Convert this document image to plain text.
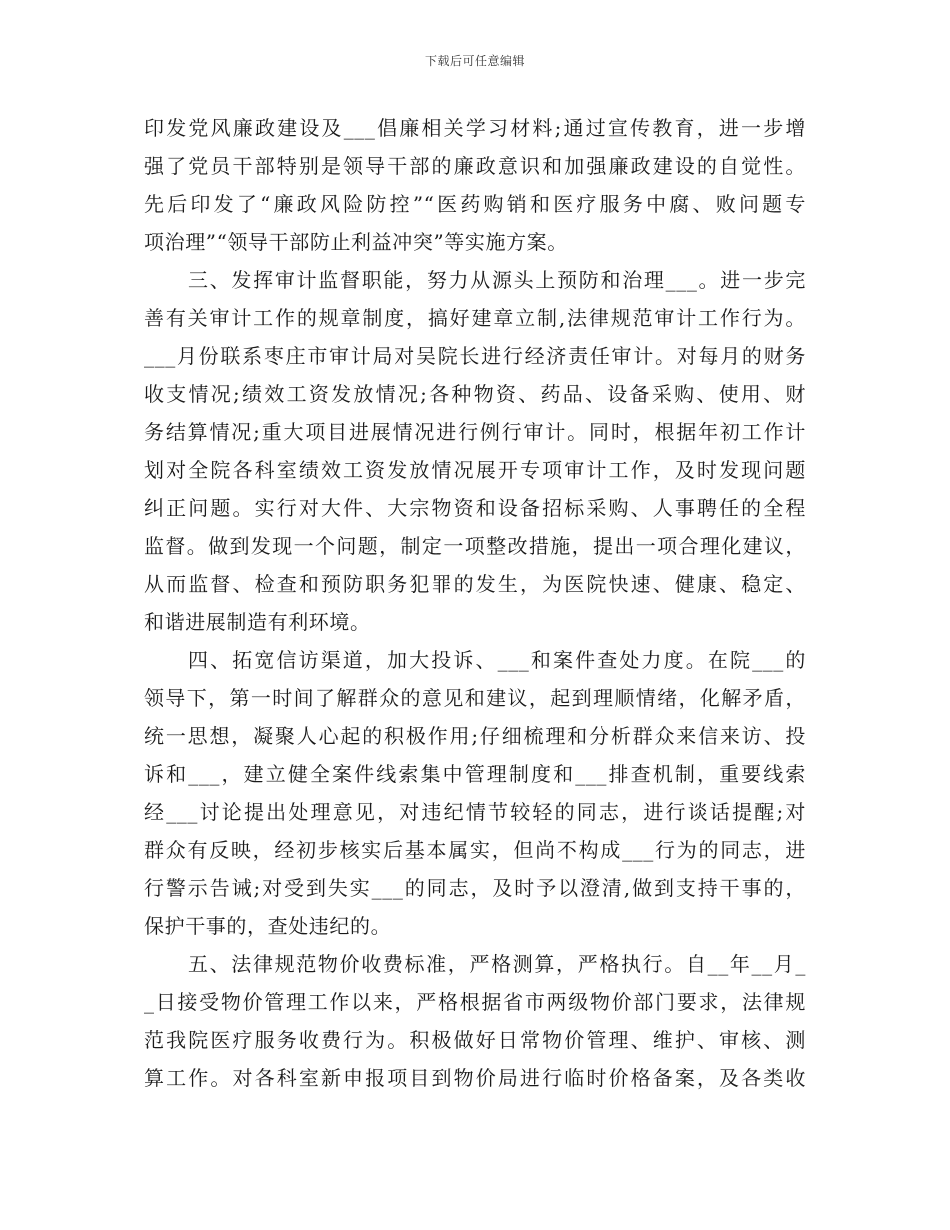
下载后可任意编辑
印发党风廉政建设及___倡廉相关学习材料;通过宣传教育，进一步增
强了党员干部特别是领导干部的廉政意识和加强廉政建设的自觉性。
先后印发了“廉政风险防控”“医药购销和医疗服务中腐、败问题专
项治理”“领导干部防止利益冲突”等实施方案。
三、发挥审计监督职能，努力从源头上预防和治理___。进一步完
善有关审计工作的规章制度，搞好建章立制,法律规范审计工作行为。
___月份联系枣庄市审计局对吴院长进行经济责任审计。对每月的财务
收支情况;绩效工资发放情况;各种物资、药品、设备采购、使用、财
务结算情况;重大项目进展情况进行例行审计。同时，根据年初工作计
划对全院各科室绩效工资发放情况展开专项审计工作，及时发现问题
纠正问题。实行对大件、大宗物资和设备招标采购、人事聘任的全程
监督。做到发现一个问题，制定一项整改措施，提出一项合理化建议，
从而监督、检查和预防职务犯罪的发生，为医院快速、健康、稳定、
和谐进展制造有利环境。
四、拓宽信访渠道，加大投诉、___和案件查处力度。在院___的
领导下，第一时间了解群众的意见和建议，起到理顺情绪，化解矛盾，
统一思想，凝聚人心起的积极作用;仔细梳理和分析群众来信来访、投
诉和___，建立健全案件线索集中管理制度和___排查机制，重要线索
经___讨论提出处理意见，对违纪情节较轻的同志，进行谈话提醒;对
群众有反映，经初步核实后基本属实，但尚不构成___行为的同志，进
行警示告诫;对受到失实___的同志，及时予以澄清,做到支持干事的，
保护干事的，查处违纪的。
五、法律规范物价收费标准，严格测算，严格执行。自__年__月_
_日接受物价管理工作以来，严格根据省市两级物价部门要求，法律规
范我院医疗服务收费行为。积极做好日常物价管理、维护、审核、测
算工作。对各科室新申报项目到物价局进行临时价格备案，及各类收
